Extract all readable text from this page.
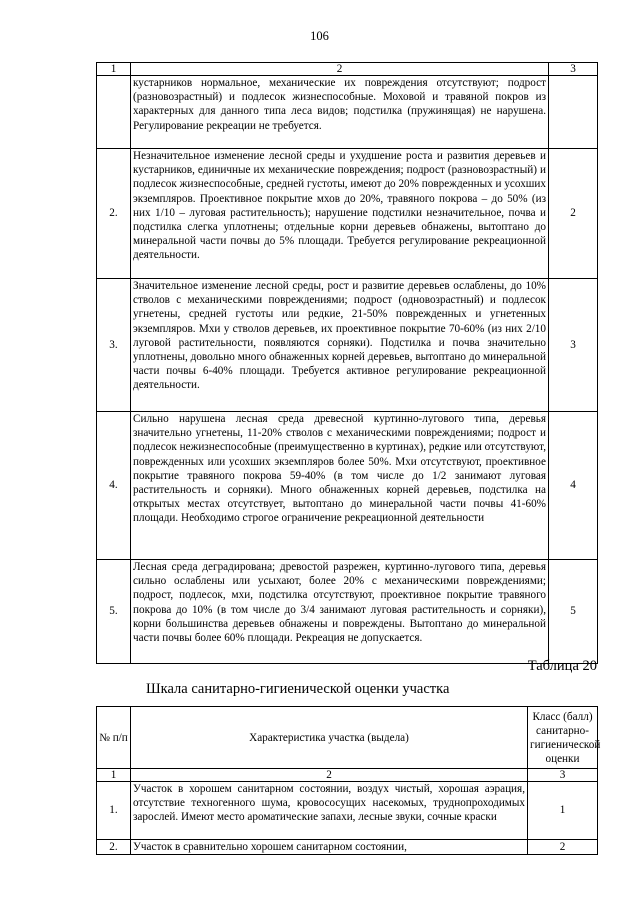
106
1	2	3
	кустарников нормальное, механические их повреждения отсутствуют; подрост (разновозрастный) и подлесок жизнеспособные. Моховой и травяной покров из характерных для данного типа леса видов; подстилка (пружинящая) не нарушена. Регулирование рекреации не требуется.	
2.	Незначительное изменение лесной среды и ухудшение роста и развития деревьев и кустарников, единичные их механические повреждения; подрост (разновозрастный) и подлесок жизнеспособные, средней густоты, имеют до 20% поврежденных и усохших экземпляров. Проективное покрытие мхов до 20%, травяного покрова – до 50% (из них 1/10 – луговая растительность); нарушение подстилки незначительное, почва и подстилка слегка уплотнены; отдельные корни деревьев обнажены, вытоптано до минеральной части почвы до 5% площади. Требуется регулирование рекреационной деятельности.	2
3.	Значительное изменение лесной среды, рост и развитие деревьев ослаблены, до 10% стволов с механическими повреждениями; подрост (одновозрастный) и подлесок угнетены, средней густоты или редкие, 21-50% поврежденных и угнетенных экземпляров. Мхи у стволов деревьев, их проективное покрытие 70-60% (из них 2/10 луговой растительности, появляются сорняки). Подстилка и почва значительно уплотнены, довольно много обнаженных корней деревьев, вытоптано до минеральной части почвы 6-40% площади. Требуется активное регулирование рекреационной деятельности.	3
4.	Сильно нарушена лесная среда древесной куртинно-лугового типа, деревья значительно угнетены, 11-20% стволов с механическими повреждениями; подрост и подлесок нежизнеспособные (преимущественно в куртинах), редкие или отсутствуют, поврежденных или усохших экземпляров более 50%. Мхи отсутствуют, проективное покрытие травяного покрова 59-40% (в том числе до 1/2 занимают луговая растительность и сорняки). Много обнаженных корней деревьев, подстилка на открытых местах отсутствует, вытоптано до минеральной части почвы 41-60% площади. Необходимо строгое ограничение рекреационной деятельности	4
5.	Лесная среда деградирована; древостой разрежен, куртинно-лугового типа, деревья сильно ослаблены или усыхают, более 20% с механическими повреждениями; подрост, подлесок, мхи, подстилка отсутствуют, проективное покрытие травяного покрова до 10% (в том числе до 3/4 занимают луговая растительность и сорняки), корни большинства деревьев обнажены и повреждены. Вытоптано до минеральной части почвы более 60% площади. Рекреация не допускается.	5
Таблица 20
Шкала санитарно-гигиенической оценки участка
№ п/п	Характеристика участка (выдела)	Класс (балл) санитарно-гигиенической оценки
1	2	3
1.	Участок в хорошем санитарном состоянии, воздух чистый, хорошая аэрация, отсутствие техногенного шума, кровососущих насекомых, труднопроходимых зарослей. Имеют место ароматические запахи, лесные звуки, сочные краски	1
2.	Участок в сравнительно хорошем санитарном состоянии,	2
